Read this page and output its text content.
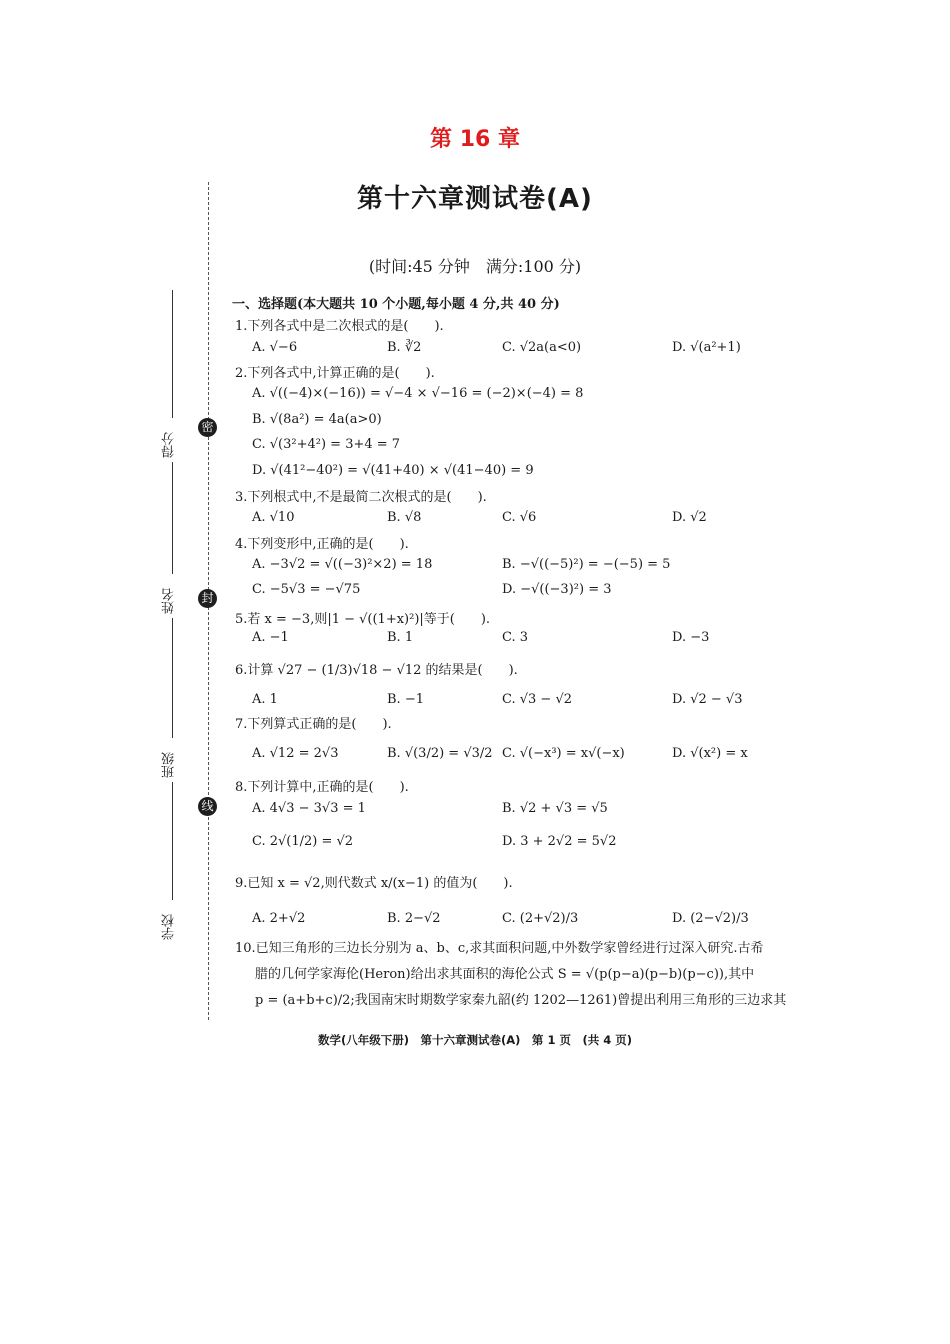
第 16 章
第十六章测试卷(A)
(时间:45 分钟　满分:100 分)
密
封
线
得分
姓名
班级
学校
一、选择题(本大题共 10 个小题,每小题 4 分,共 40 分)
1.下列各式中是二次根式的是(　　).
A. √−6	B. ∛2	C. √2a(a<0)	D. √(a²+1)
2.下列各式中,计算正确的是(　　).
A. √((−4)×(−16)) = √−4 × √−16 = (−2)×(−4) = 8
B. √(8a²) = 4a(a>0)
C. √(3²+4²) = 3+4 = 7
D. √(41²−40²) = √(41+40) × √(41−40) = 9
3.下列根式中,不是最简二次根式的是(　　).
A. √10	B. √8	C. √6	D. √2
4.下列变形中,正确的是(　　).
A. −3√2 = √((−3)²×2) = 18	B. −√((−5)²) = −(−5) = 5
C. −5√3 = −√75	D. −√((−3)²) = 3
5.若 x = −3,则|1 − √((1+x)²)|等于(　　).
A. −1	B. 1	C. 3	D. −3
6.计算 √27 − (1/3)√18 − √12 的结果是(　　).
A. 1	B. −1	C. √3 − √2	D. √2 − √3
7.下列算式正确的是(　　).
A. √12 = 2√3	B. √(3/2) = √3/2 C. √(−x³) = x√(−x)	D. √(x²) = x
8.下列计算中,正确的是(　　).
A. 4√3 − 3√3 = 1	B. √2 + √3 = √5
C. 2√(1/2) = √2	D. 3 + 2√2 = 5√2
9.已知 x = √2,则代数式 x/(x−1) 的值为(　　).
A. 2+√2	B. 2−√2	C. (2+√2)/3	D. (2−√2)/3
10.已知三角形的三边长分别为 a、b、c,求其面积问题,中外数学家曾经进行过深入研究.古希
腊的几何学家海伦(Heron)给出求其面积的海伦公式 S = √(p(p−a)(p−b)(p−c)),其中
p = (a+b+c)/2;我国南宋时期数学家秦九韶(约 1202—1261)曾提出利用三角形的三边求其
数学(八年级下册)　第十六章测试卷(A)　第 1 页　(共 4 页)
